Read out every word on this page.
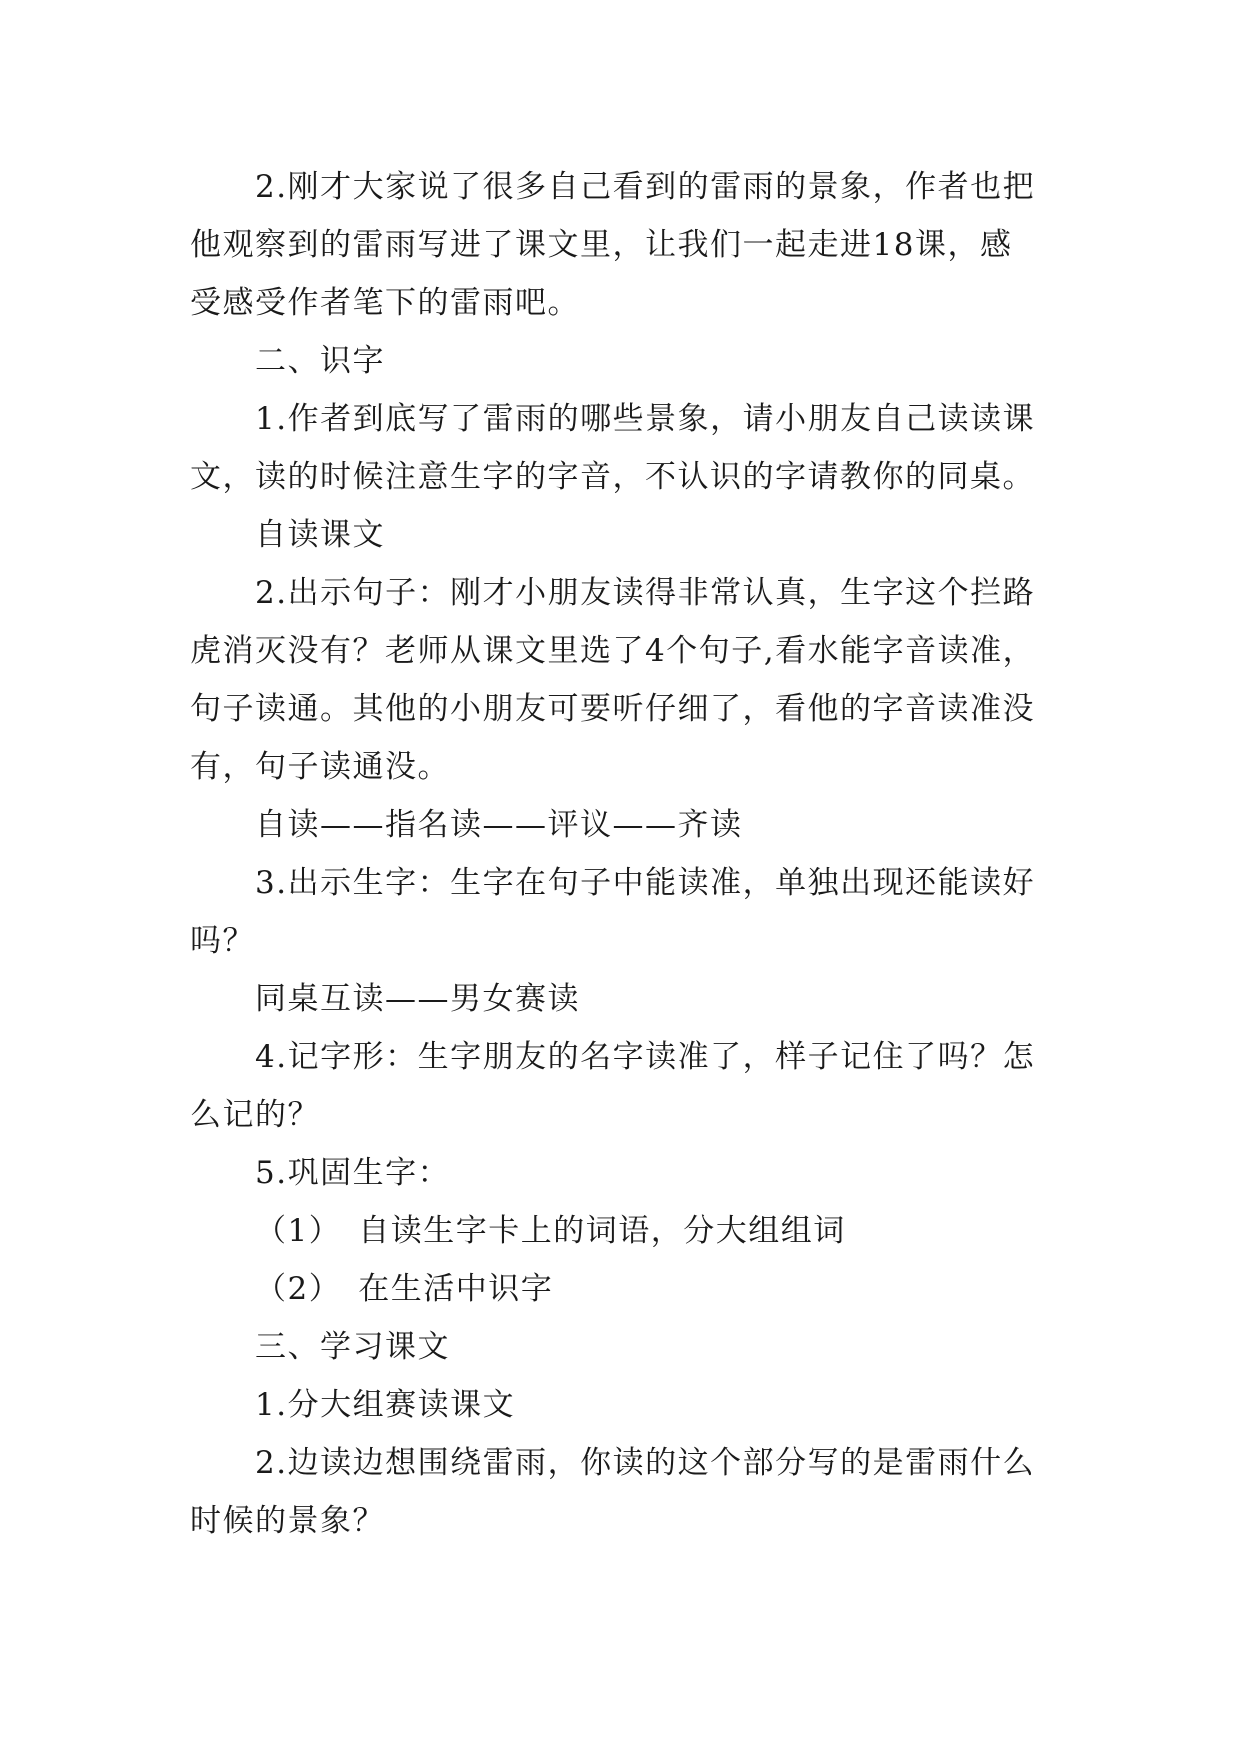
2.刚才大家说了很多自己看到的雷雨的景象，作者也把
他观察到的雷雨写进了课文里，让我们一起走进18课，感
受感受作者笔下的雷雨吧。
二、识字
1.作者到底写了雷雨的哪些景象，请小朋友自己读读课
文，读的时候注意生字的字音，不认识的字请教你的同桌。
自读课文
2.出示句子：刚才小朋友读得非常认真，生字这个拦路
虎消灭没有？老师从课文里选了4个句子,看水能字音读准，
句子读通。其他的小朋友可要听仔细了，看他的字音读准没
有，句子读通没。
自读——指名读——评议——齐读
3.出示生字：生字在句子中能读准，单独出现还能读好
吗？
同桌互读——男女赛读
4.记字形：生字朋友的名字读准了，样子记住了吗？怎
么记的？
5.巩固生字：
（1）　自读生字卡上的词语，分大组组词
（2）　在生活中识字
三、学习课文
1.分大组赛读课文
2.边读边想围绕雷雨，你读的这个部分写的是雷雨什么
时候的景象？
